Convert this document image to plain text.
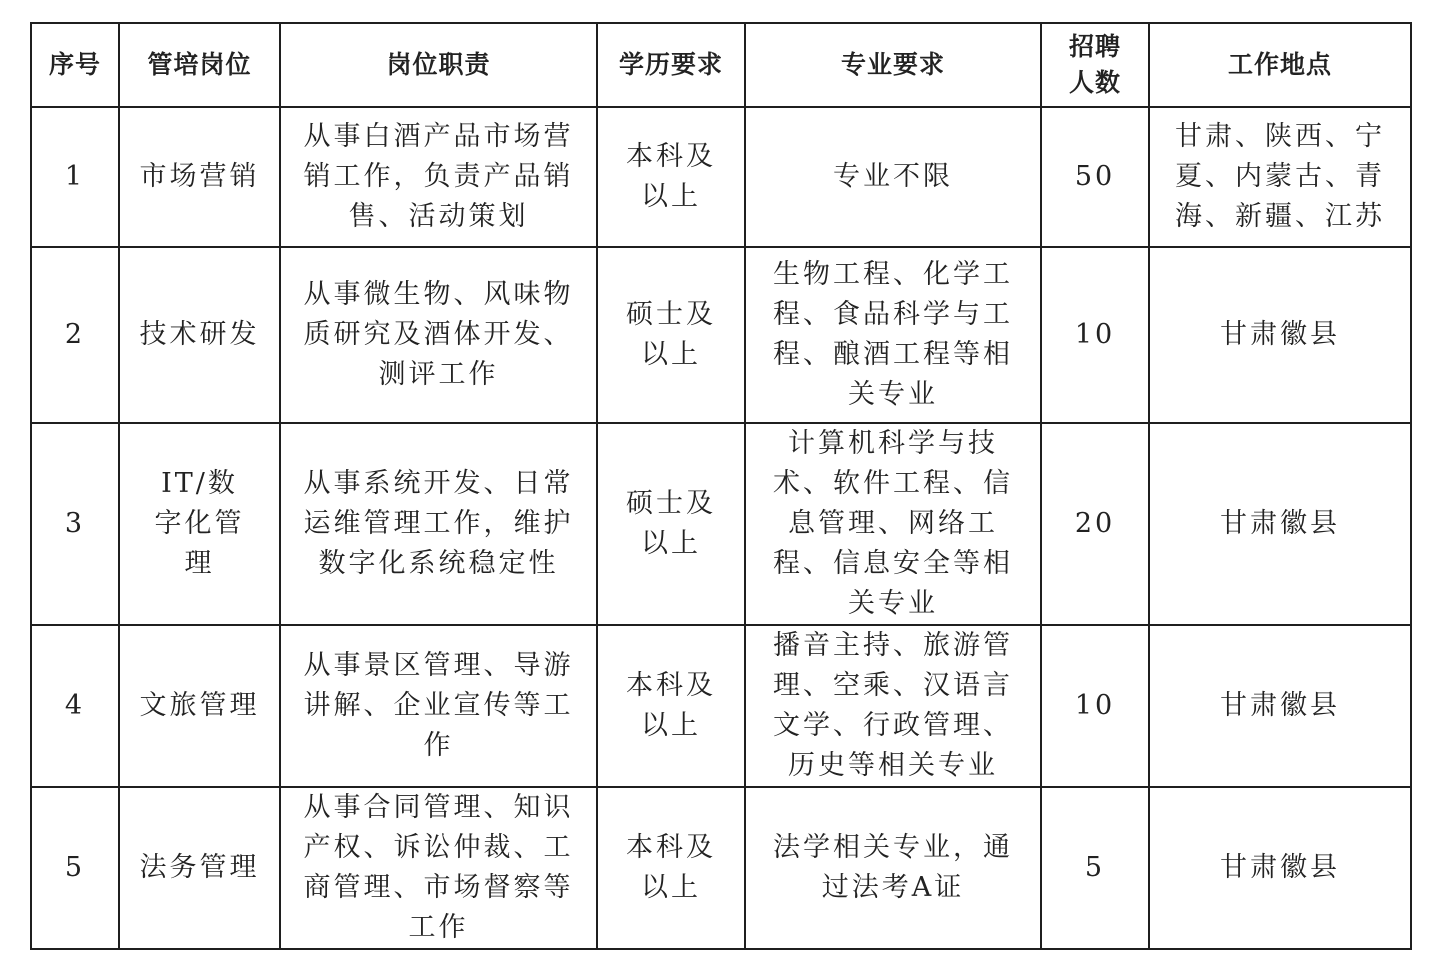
序号	管培岗位	岗位职责	学历要求	专业要求	招聘人数	工作地点
1	市场营销	从事白酒产品市场营销工作，负责产品销售、活动策划	本科及以上	专业不限	50	甘肃、陕西、宁夏、内蒙古、青海、新疆、江苏
2	技术研发	从事微生物、风味物质研究及酒体开发、测评工作	硕士及以上	生物工程、化学工程、食品科学与工程、酿酒工程等相关专业	10	甘肃徽县
3	IT/数字化管理	从事系统开发、日常运维管理工作，维护数字化系统稳定性	硕士及以上	计算机科学与技术、软件工程、信息管理、网络工程、信息安全等相关专业	20	甘肃徽县
4	文旅管理	从事景区管理、导游讲解、企业宣传等工作	本科及以上	播音主持、旅游管理、空乘、汉语言文学、行政管理、历史等相关专业	10	甘肃徽县
5	法务管理	从事合同管理、知识产权、诉讼仲裁、工商管理、市场督察等工作	本科及以上	法学相关专业，通过法考A证	5	甘肃徽县
